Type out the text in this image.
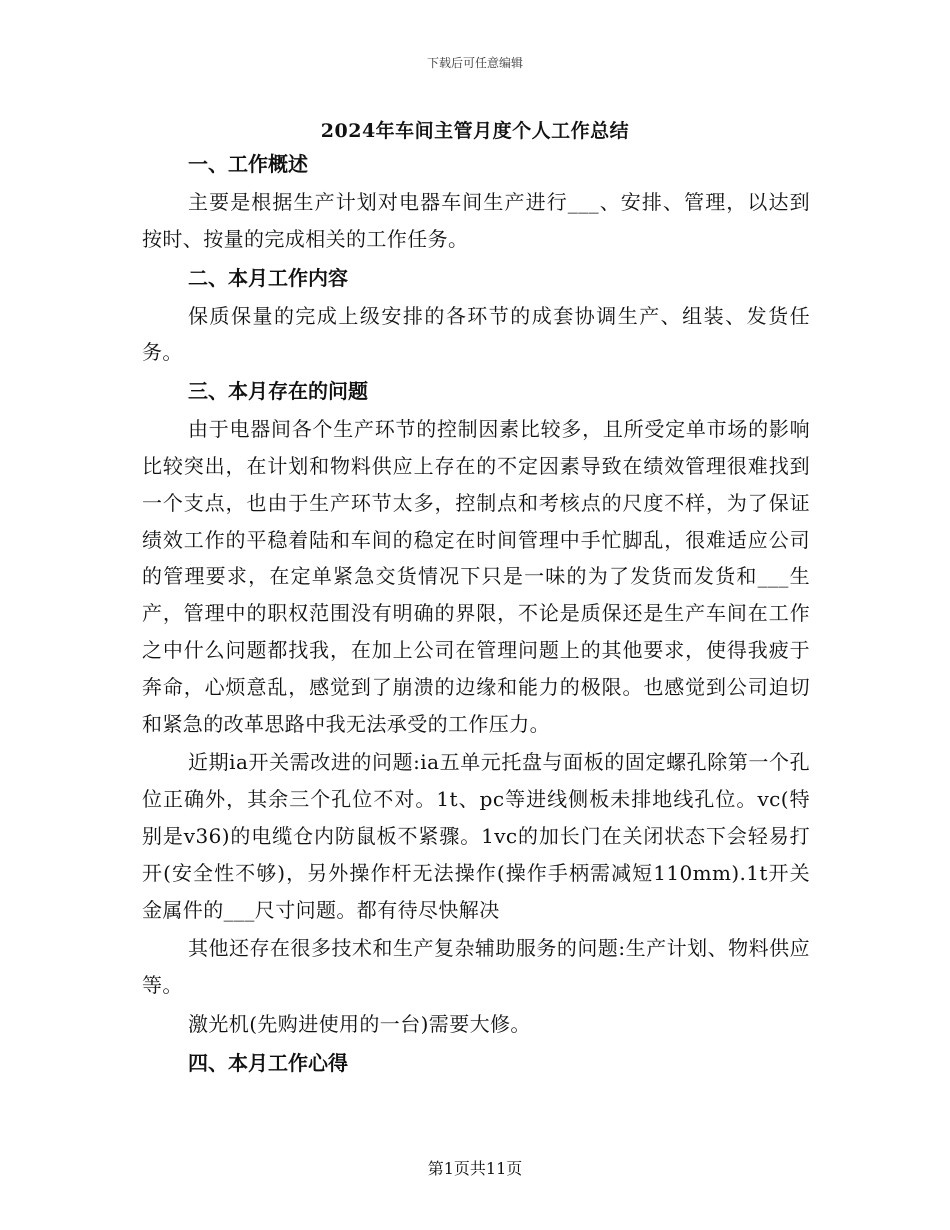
下载后可任意编辑
2024年车间主管月度个人工作总结
一、工作概述
主要是根据生产计划对电器车间生产进行___、安排、管理，以达到按时、按量的完成相关的工作任务。
二、本月工作内容
保质保量的完成上级安排的各环节的成套协调生产、组装、发货任务。
三、本月存在的问题
由于电器间各个生产环节的控制因素比较多，且所受定单市场的影响比较突出，在计划和物料供应上存在的不定因素导致在绩效管理很难找到一个支点，也由于生产环节太多，控制点和考核点的尺度不样，为了保证绩效工作的平稳着陆和车间的稳定在时间管理中手忙脚乱，很难适应公司的管理要求，在定单紧急交货情况下只是一味的为了发货而发货和___生产，管理中的职权范围没有明确的界限，不论是质保还是生产车间在工作之中什么问题都找我，在加上公司在管理问题上的其他要求，使得我疲于奔命，心烦意乱，感觉到了崩溃的边缘和能力的极限。也感觉到公司迫切和紧急的改革思路中我无法承受的工作压力。
近期ia开关需改进的问题:ia五单元托盘与面板的固定螺孔除第一个孔位正确外，其余三个孔位不对。1t、pc等进线侧板未排地线孔位。vc(特别是v36)的电缆仓内防鼠板不紧骤。1vc的加长门在关闭状态下会轻易打开(安全性不够)，另外操作杆无法操作(操作手柄需减短110mm).1t开关金属件的___尺寸问题。都有待尽快解决
其他还存在很多技术和生产复杂辅助服务的问题:生产计划、物料供应等。
激光机(先购进使用的一台)需要大修。
四、本月工作心得
第1页共11页
